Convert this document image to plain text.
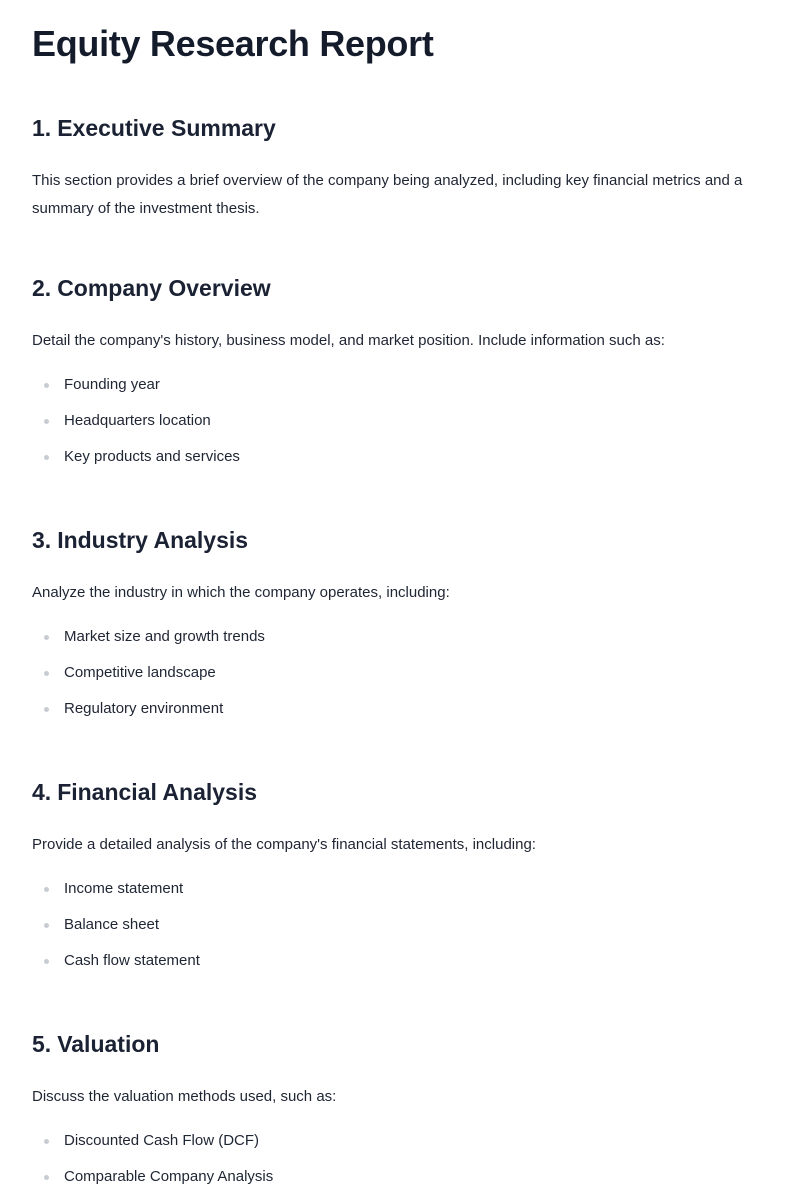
Equity Research Report
1. Executive Summary

This section provides a brief overview of the company being analyzed, including key financial metrics and a summary of the investment thesis.

2. Company Overview

Detail the company's history, business model, and market position. Include information such as:

Founding year
Headquarters location
Key products and services
3. Industry Analysis

Analyze the industry in which the company operates, including:

Market size and growth trends
Competitive landscape
Regulatory environment
4. Financial Analysis

Provide a detailed analysis of the company's financial statements, including:

Income statement
Balance sheet
Cash flow statement
5. Valuation

Discuss the valuation methods used, such as:

Discounted Cash Flow (DCF)
Comparable Company Analysis
